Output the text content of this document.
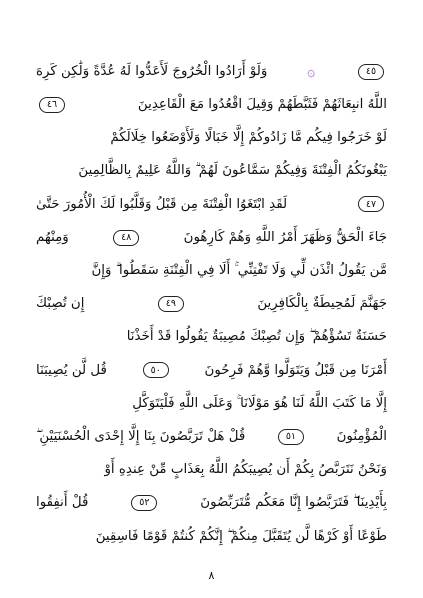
٤٥
۞
وَلَوْ أَرَادُوا الْخُرُوجَ لَأَعَدُّوا لَهُ عُدَّةً وَلَٰكِن كَرِهَ
اللَّهُ انبِعَاثَهُمْ فَثَبَّطَهُمْ وَقِيلَ اقْعُدُوا مَعَ الْقَاعِدِينَ
٤٦
لَوْ خَرَجُوا فِيكُم مَّا زَادُوكُمْ إِلَّا خَبَالًا وَلَأَوْضَعُوا خِلَالَكُمْ
يَبْغُونَكُمُ الْفِتْنَةَ وَفِيكُمْ سَمَّاعُونَ لَهُمْ ۗ وَاللَّهُ عَلِيمٌ بِالظَّالِمِينَ
٤٧
لَقَدِ ابْتَغَوُا الْفِتْنَةَ مِن قَبْلُ وَقَلَّبُوا لَكَ الْأُمُورَ حَتَّىٰ
جَاءَ الْحَقُّ وَظَهَرَ أَمْرُ اللَّهِ وَهُمْ كَارِهُونَ
٤٨
وَمِنْهُم
مَّن يَقُولُ ائْذَن لِّي وَلَا تَفْتِنِّي ۚ أَلَا فِي الْفِتْنَةِ سَقَطُوا ۗ وَإِنَّ
جَهَنَّمَ لَمُحِيطَةٌ بِالْكَافِرِينَ
٤٩
إِن تُصِبْكَ
حَسَنَةٌ تَسُؤْهُمْ ۖ وَإِن تُصِبْكَ مُصِيبَةٌ يَقُولُوا قَدْ أَخَذْنَا
أَمْرَنَا مِن قَبْلُ وَيَتَوَلَّوا وَّهُمْ فَرِحُونَ
٥٠
قُل لَّن يُصِيبَنَا
إِلَّا مَا كَتَبَ اللَّهُ لَنَا هُوَ مَوْلَانَا ۚ وَعَلَى اللَّهِ فَلْيَتَوَكَّلِ
الْمُؤْمِنُونَ
٥١
قُلْ هَلْ تَرَبَّصُونَ بِنَا إِلَّا إِحْدَى الْحُسْنَيَيْنِ ۖ
وَنَحْنُ نَتَرَبَّصُ بِكُمْ أَن يُصِيبَكُمُ اللَّهُ بِعَذَابٍ مِّنْ عِندِهِ أَوْ
بِأَيْدِينَا ۖ فَتَرَبَّصُوا إِنَّا مَعَكُم مُّتَرَبِّصُونَ
٥٢
قُلْ أَنفِقُوا
طَوْعًا أَوْ كَرْهًا لَّن يُتَقَبَّلَ مِنكُمْ ۖ إِنَّكُمْ كُنتُمْ قَوْمًا فَاسِقِينَ
٨
